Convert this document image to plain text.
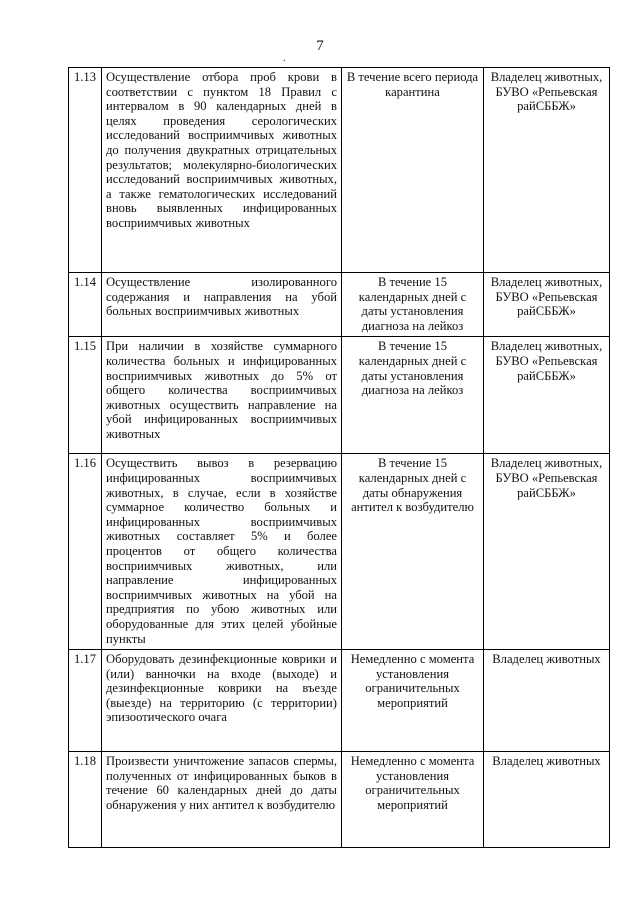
7
.
1.13	Осуществление отбора проб крови в соответствии с пунктом 18 Правил с интервалом в 90 календарных дней в целях проведения серологических исследований восприимчивых животных до получения двукратных отрицательных результатов; молекулярно-биологических исследований восприимчивых животных, а также гематологических исследований вновь выявленных инфицированных восприимчивых животных	В течение всего периода карантина	Владелец животных, БУВО «Репьевская райСББЖ»
1.14	Осуществление изолированного содержания и направления на убой больных восприимчивых животных	В течение 15 календарных дней с даты установления диагноза на лейкоз	Владелец животных, БУВО «Репьевская райСББЖ»
1.15	При наличии в хозяйстве суммарного количества больных и инфицированных восприимчивых животных до 5% от общего количества восприимчивых животных осуществить направление на убой инфицированных восприимчивых животных	В течение 15 календарных дней с даты установления диагноза на лейкоз	Владелец животных, БУВО «Репьевская райСББЖ»
1.16	Осуществить вывоз в резервацию инфицированных восприимчивых животных, в случае, если в хозяйстве суммарное количество больных и инфицированных восприимчивых животных составляет 5% и более процентов от общего количества восприимчивых животных, или направление инфицированных восприимчивых животных на убой на предприятия по убою животных или оборудованные для этих целей убойные пункты	В течение 15 календарных дней с даты обнаружения антител к возбудителю	Владелец животных, БУВО «Репьевская райСББЖ»
1.17	Оборудовать дезинфекционные коврики и (или) ванночки на входе (выходе) и дезинфекционные коврики на въезде (выезде) на территорию (с территории) эпизоотического очага	Немедленно с момента установления ограничительных мероприятий	Владелец животных
1.18	Произвести уничтожение запасов спермы, полученных от инфицированных быков в течение 60 календарных дней до даты обнаружения у них антител к возбудителю	Немедленно с момента установления ограничительных мероприятий	Владелец животных
